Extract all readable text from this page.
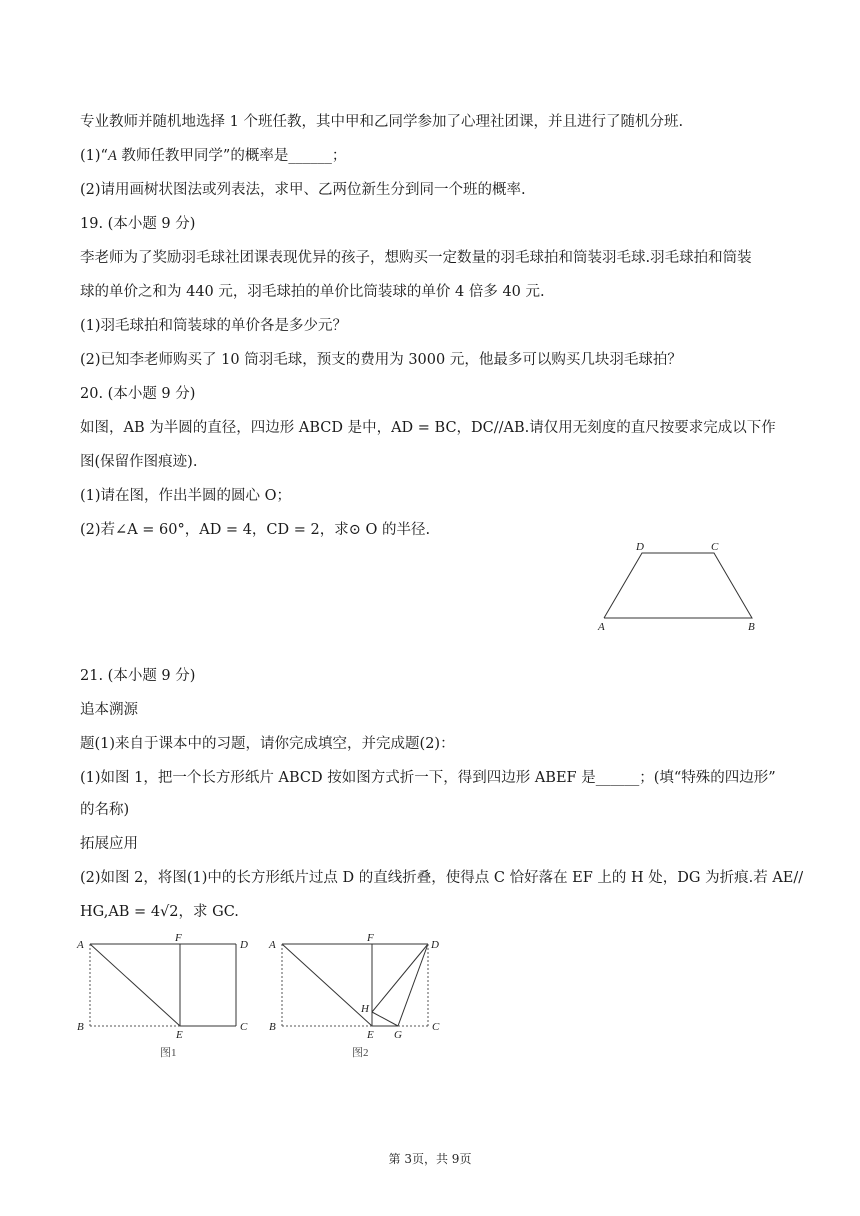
专业教师并随机地选择 1 个班任教，其中甲和乙同学参加了心理社团课，并且进行了随机分班.
(1)“A 教师任教甲同学”的概率是______；
(2)请用画树状图法或列表法，求甲、乙两位新生分到同一个班的概率.
19. (本小题 9 分)
李老师为了奖励羽毛球社团课表现优异的孩子，想购买一定数量的羽毛球拍和筒装羽毛球.羽毛球拍和筒装
球的单价之和为 440 元，羽毛球拍的单价比筒装球的单价 4 倍多 40 元.
(1)羽毛球拍和筒装球的单价各是多少元？
(2)已知李老师购买了 10 筒羽毛球，预支的费用为 3000 元，他最多可以购买几块羽毛球拍？
20. (本小题 9 分)
如图，AB 为半圆的直径，四边形 ABCD 是中，AD = BC，DC//AB.请仅用无刻度的直尺按要求完成以下作
图(保留作图痕迹).
(1)请在图，作出半圆的圆心 O；
(2)若∠A = 60°，AD = 4，CD = 2，求⊙ O 的半径.
D	C
A	B
21. (本小题 9 分)
追本溯源
题(1)来自于课本中的习题，请你完成填空，并完成题(2)：
(1)如图 1，把一个长方形纸片 ABCD 按如图方式折一下，得到四边形 ABEF 是______；(填“特殊的四边形”
的名称)
拓展应用
(2)如图 2，将图(1)中的长方形纸片过点 D 的直线折叠，使得点 C 恰好落在 EF 上的 H 处，DG 为折痕.若 AE//
HG,AB = 4√2，求 GC.
A
F
D
B
E
C
图1
A
F
D
B
H
E G
C
图2
第 3页，共 9页
